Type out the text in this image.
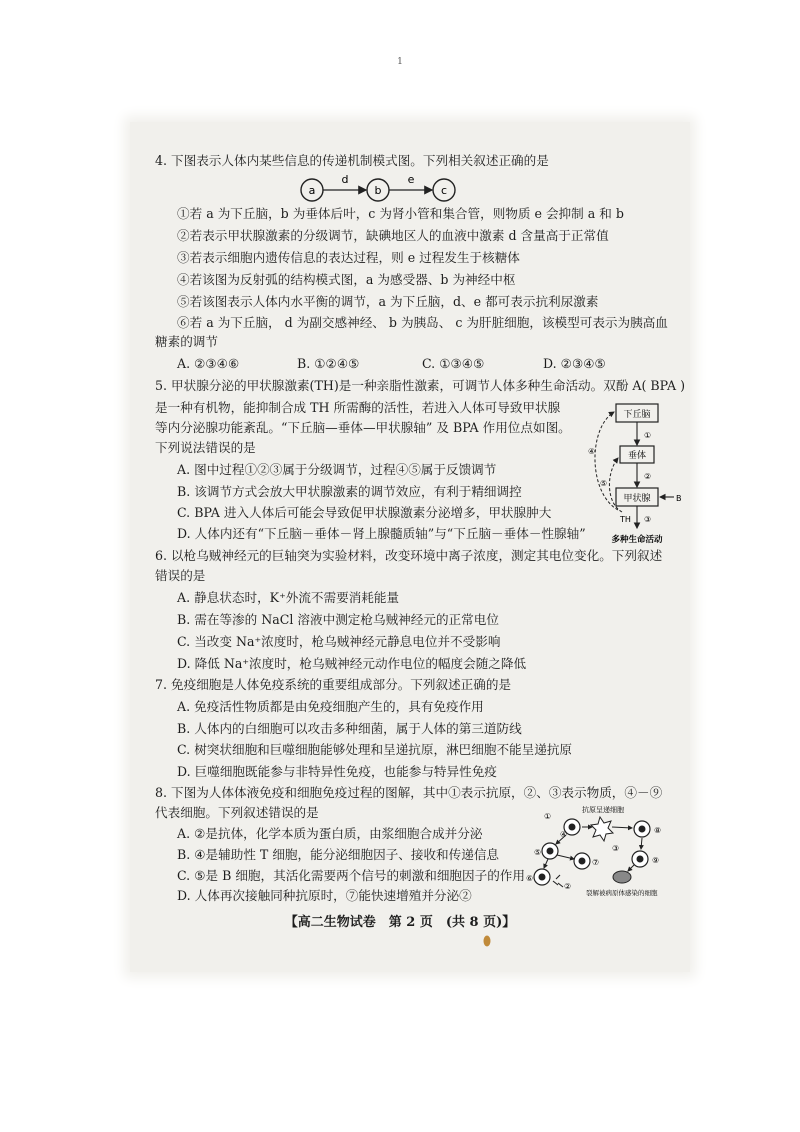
1
4. 下图表示人体内某些信息的传递机制模式图。下列相关叙述正确的是
a
d
b
e
c
①若 a 为下丘脑，b 为垂体后叶，c 为肾小管和集合管，则物质 e 会抑制 a 和 b
②若表示甲状腺激素的分级调节，缺碘地区人的血液中激素 d 含量高于正常值
③若表示细胞内遗传信息的表达过程，则 e 过程发生于核糖体
④若该图为反射弧的结构模式图，a 为感受器、b 为神经中枢
⑤若该图表示人体内水平衡的调节，a 为下丘脑，d、e 都可表示抗利尿激素
⑥若 a 为下丘脑， d 为副交感神经、 b 为胰岛、 c 为肝脏细胞，该模型可表示为胰高血
糖素的调节
A. ②③④⑥	B. ①②④⑤	C. ①③④⑤	D. ②③④⑤
5. 甲状腺分泌的甲状腺激素(TH)是一种亲脂性激素，可调节人体多种生命活动。双酚 A( BPA )
是一种有机物，能抑制合成 TH 所需酶的活性，若进入人体可导致甲状腺
等内分泌腺功能紊乱。“下丘脑—垂体—甲状腺轴” 及 BPA 作用位点如图。
下列说法错误的是
A. 图中过程①②③属于分级调节，过程④⑤属于反馈调节
B. 该调节方式会放大甲状腺激素的调节效应，有利于精细调控
C. BPA 进入人体后可能会导致促甲状腺激素分泌增多，甲状腺肿大
D. 人体内还有“下丘脑－垂体－肾上腺髓质轴”与“下丘脑－垂体－性腺轴”
下丘脑
①
垂体
②
甲状腺	B
③
TH
多种生命活动
④
⑤
6. 以枪乌贼神经元的巨轴突为实验材料，改变环境中离子浓度，测定其电位变化。下列叙述
错误的是
A. 静息状态时，K⁺外流不需要消耗能量
B. 需在等渗的 NaCl 溶液中测定枪乌贼神经元的正常电位
C. 当改变 Na⁺浓度时，枪乌贼神经元静息电位并不受影响
D. 降低 Na⁺浓度时，枪乌贼神经元动作电位的幅度会随之降低
7. 免疫细胞是人体免疫系统的重要组成部分。下列叙述正确的是
A. 免疫活性物质都是由免疫细胞产生的，具有免疫作用
B. 人体内的白细胞可以攻击多种细菌，属于人体的第三道防线
C. 树突状细胞和巨噬细胞能够处理和呈递抗原，淋巴细胞不能呈递抗原
D. 巨噬细胞既能参与非特异性免疫，也能参与特异性免疫
8. 下图为人体体液免疫和细胞免疫过程的图解，其中①表示抗原，②、③表示物质，④－⑨
代表细胞。下列叙述错误的是
A. ②是抗体，化学本质为蛋白质，由浆细胞合成并分泌
B. ④是辅助性 T 细胞，能分泌细胞因子、接收和传递信息
C. ⑤是 B 细胞，其活化需要两个信号的刺激和细胞因子的作用
D. 人体再次接触同种抗原时，⑦能快速增殖并分泌②
抗原呈递细胞
①
④	⑧
⑤
⑦
③
⑥
②
⑨
裂解被病原体感染的细胞
【高二生物试卷　第 2 页　(共 8 页)】
